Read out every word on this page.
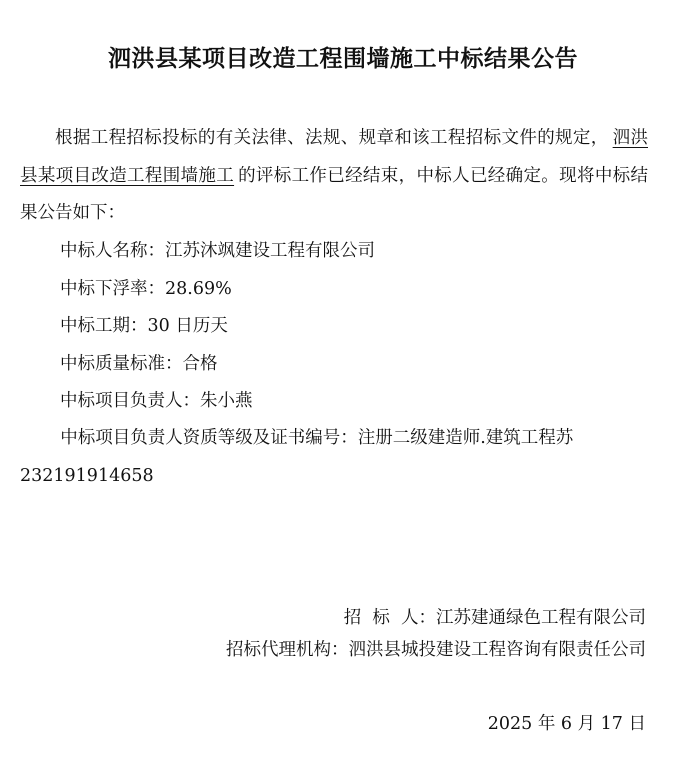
泗洪县某项目改造工程围墙施工中标结果公告
根据工程招标投标的有关法律、法规、规章和该工程招标文件的规定， 泗洪县某项目改造工程围墙施工 的评标工作已经结束，中标人已经确定。现将中标结果公告如下：
中标人名称：江苏沐飒建设工程有限公司
中标下浮率：28.69%
中标工期：30 日历天
中标质量标准：合格
中标项目负责人：朱小燕
中标项目负责人资质等级及证书编号：注册二级建造师.建筑工程苏 232191914658
招  标  人：江苏建通绿色工程有限公司
招标代理机构：泗洪县城投建设工程咨询有限责任公司
2025 年 6 月 17 日
